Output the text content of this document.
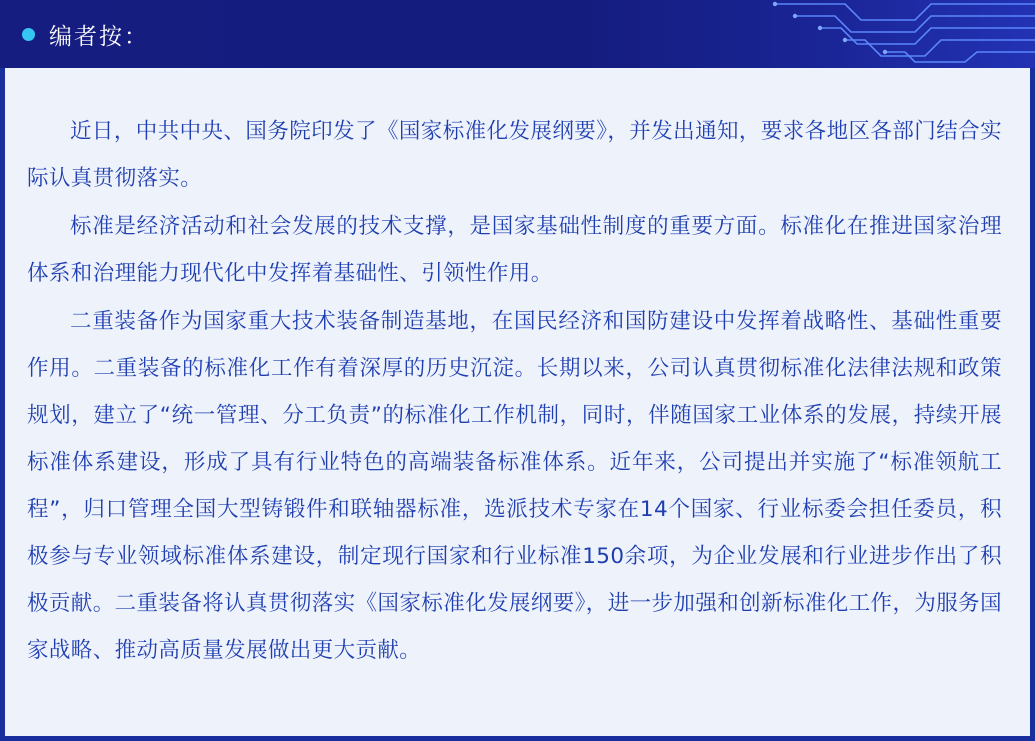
编者按：

近日，中共中央、国务院印发了《国家标准化发展纲要》，并发出通知，要求各地区各部门结合实际认真贯彻落实。

标准是经济活动和社会发展的技术支撑，是国家基础性制度的重要方面。标准化在推进国家治理体系和治理能力现代化中发挥着基础性、引领性作用。

二重装备作为国家重大技术装备制造基地，在国民经济和国防建设中发挥着战略性、基础性重要作用。二重装备的标准化工作有着深厚的历史沉淀。长期以来，公司认真贯彻标准化法律法规和政策规划，建立了“统一管理、分工负责”的标准化工作机制，同时，伴随国家工业体系的发展，持续开展标准体系建设，形成了具有行业特色的高端装备标准体系。近年来，公司提出并实施了“标准领航工程”，归口管理全国大型铸锻件和联轴器标准，选派技术专家在14个国家、行业标委会担任委员，积极参与专业领域标准体系建设，制定现行国家和行业标准150余项，为企业发展和行业进步作出了积极贡献。二重装备将认真贯彻落实《国家标准化发展纲要》，进一步加强和创新标准化工作，为服务国家战略、推动高质量发展做出更大贡献。
